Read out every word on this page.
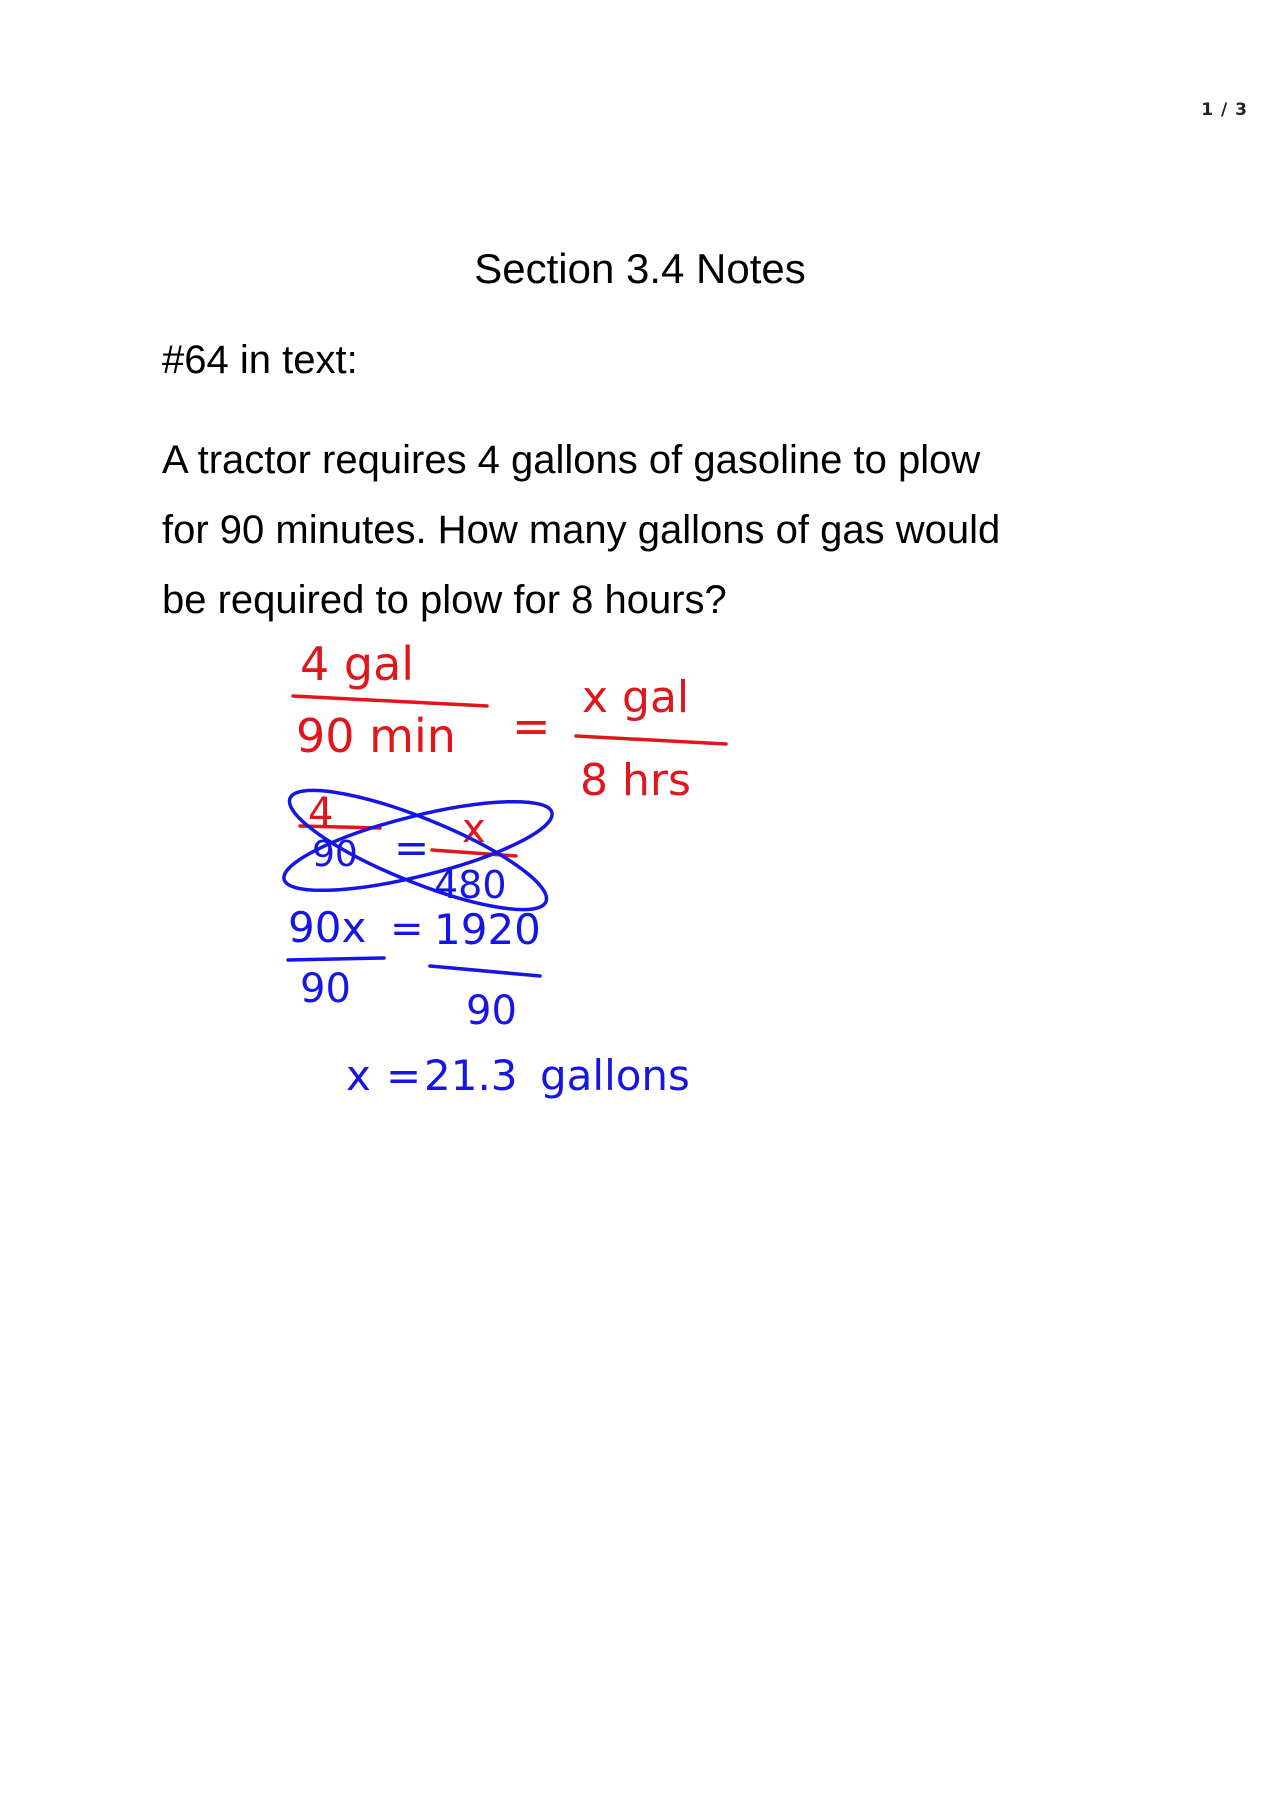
1 / 3
Section 3.4 Notes
#64 in text:
A tractor requires 4 gallons of gasoline to plow
for 90 minutes. How many gallons of gas would
be required to plow for 8 hours?
4 gal
90 min =
x gal
8 hrs
4
90 = x
480
90x = 1920
90	90
x = 21.3 gallons
